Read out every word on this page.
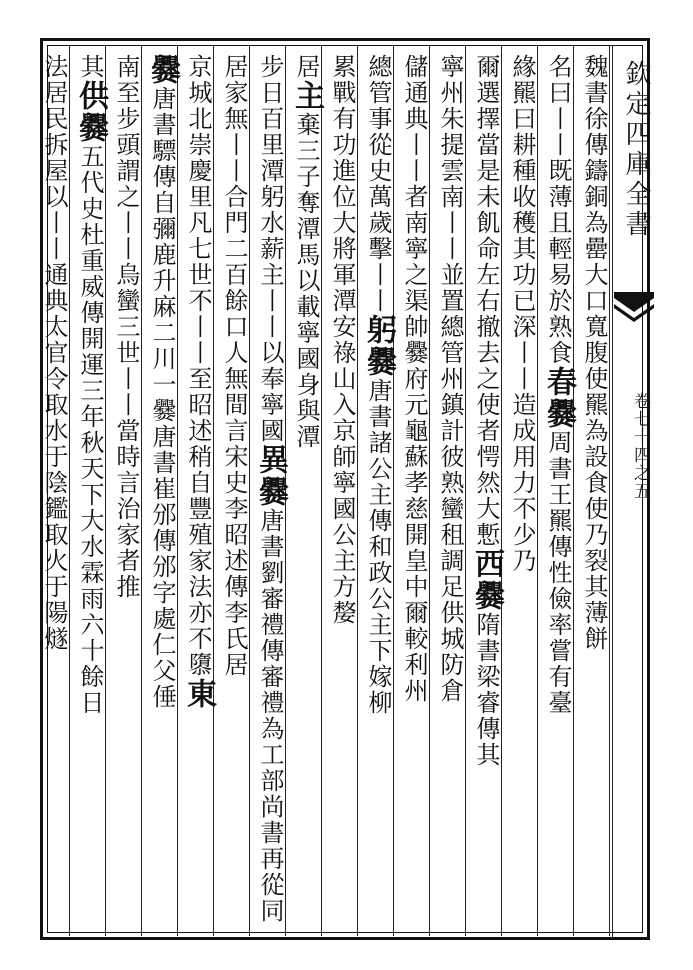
欽定四庫全書
卷七十四之五
魏書徐傳鑄銅為罍大口寬腹使羆為設食使乃裂其薄餅
名曰丨丨既薄且輕易於熟食春爨周書王羆傳性儉率嘗有臺
緣羆曰耕種收穫其功已深丨丨造成用力不少乃
爾選擇當是未飢命左右撤去之使者愕然大慙西爨隋書梁睿傳其
寧州朱提雲南丨丨並置總管州鎮計彼熟蠻租調足供城防倉
儲通典丨丨者南寧之渠帥爨府元龜蘇孝慈開皇中爾較利州
總管事從史萬歲擊丨丨躬爨唐書諸公主傳和政公主下嫁柳
累戰有功進位大將軍潭安祿山入京師寧國公主方嫠
居主棄三子奪潭馬以載寧國身與潭
步日百里潭躬水薪主丨丨以奉寧國異爨唐書劉審禮傳審禮為工部尚書再從同
居家無丨丨合門二百餘口人無間言宋史李昭述傳李氏居
京城北崇慶里凡七世不丨丨至昭述稍自豐殖家法亦不隳東
爨唐書驃傳自彌鹿升麻二川一爨唐書崔邠傳邠字處仁父倕
南至步頭謂之丨丨烏蠻三世丨丨當時言治家者推
其供爨五代史杜重威傳開運三年秋天下大水霖雨六十餘日
法居民拆屋以丨丨通典太官令取水于陰鑑取火于陽燧
